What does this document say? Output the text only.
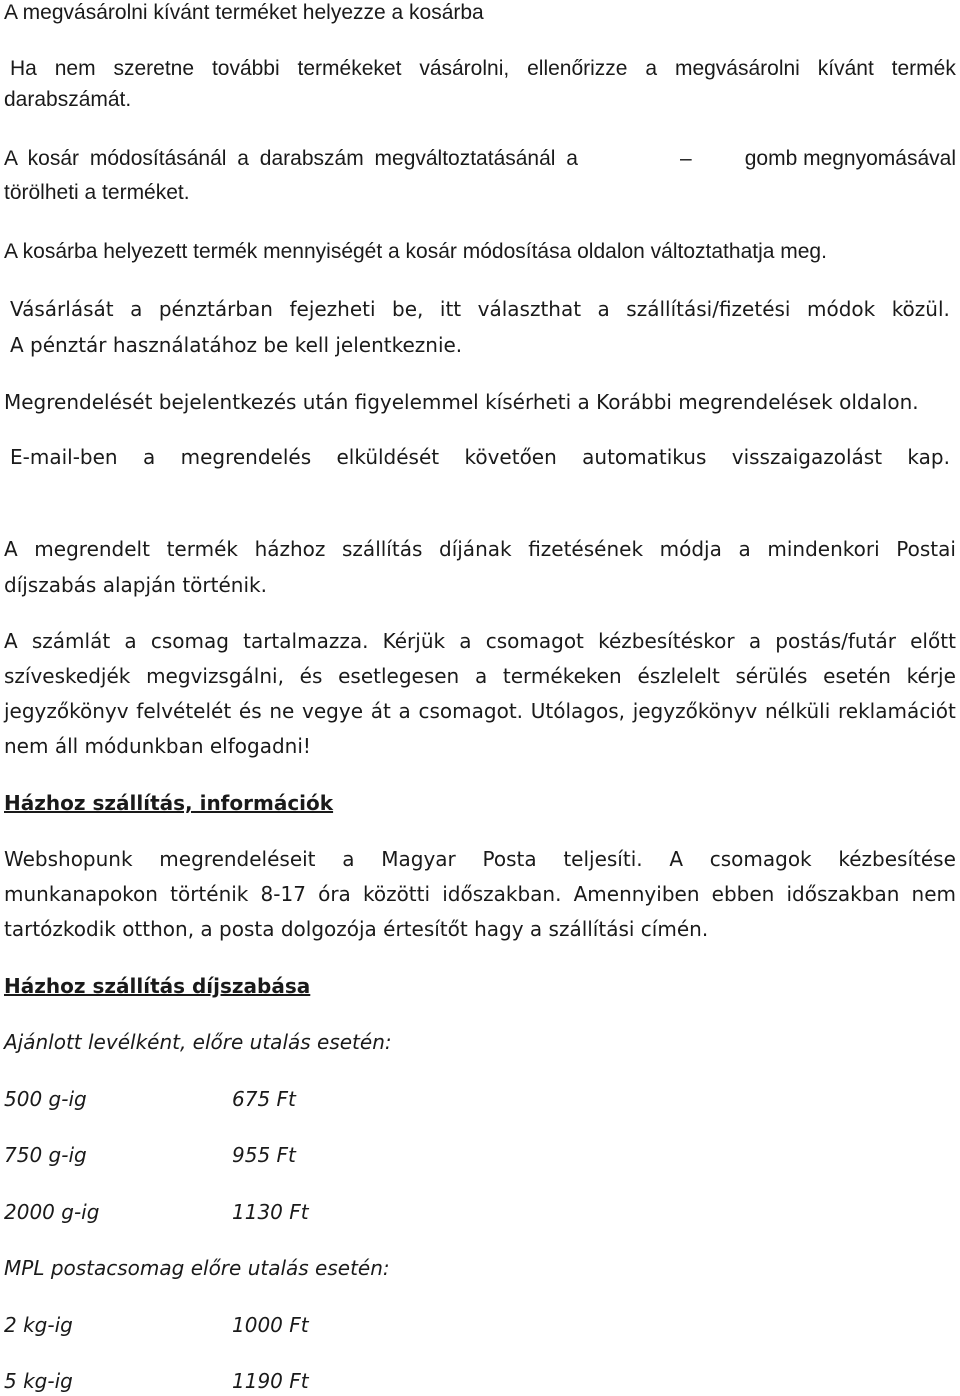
A megvásárolni kívánt terméket helyezze a kosárba
Ha nem szeretne további termékeket vásárolni, ellenőrizze a megvásárolni kívánt termék
darabszámát.
A kosár módosításánál a darabszám megváltoztatásánál a	–	gomb megnyomásával
törölheti a terméket.
A kosárba helyezett termék mennyiségét a kosár módosítása oldalon változtathatja meg.
Vásárlását a pénztárban fejezheti be, itt választhat a szállítási/fizetési módok közül.
A pénztár használatához be kell jelentkeznie.
Megrendelését bejelentkezés után figyelemmel kísérheti a Korábbi megrendelések oldalon.
E-mail-ben a megrendelés elküldését követően automatikus visszaigazolást kap.
A megrendelt termék házhoz szállítás díjának fizetésének módja a mindenkori Postai
díjszabás alapján történik.
A számlát a csomag tartalmazza. Kérjük a csomagot kézbesítéskor a postás/futár előtt
szíveskedjék megvizsgálni, és esetlegesen a termékeken észlelelt sérülés esetén kérje
jegyzőkönyv felvételét és ne vegye át a csomagot. Utólagos, jegyzőkönyv nélküli reklamációt
nem áll módunkban elfogadni!
Házhoz szállítás, információk
Webshopunk megrendeléseit a Magyar Posta teljesíti. A csomagok kézbesítése
munkanapokon történik 8-17 óra közötti időszakban. Amennyiben ebben időszakban nem
tartózkodik otthon, a posta dolgozója értesítőt hagy a szállítási címén.
Házhoz szállítás díjszabása
Ajánlott levélként, előre utalás esetén:
500 g-ig	675 Ft
750 g-ig	955 Ft
2000 g-ig	1130 Ft
MPL postacsomag előre utalás esetén:
2 kg-ig	1000 Ft
5 kg-ig	1190 Ft
